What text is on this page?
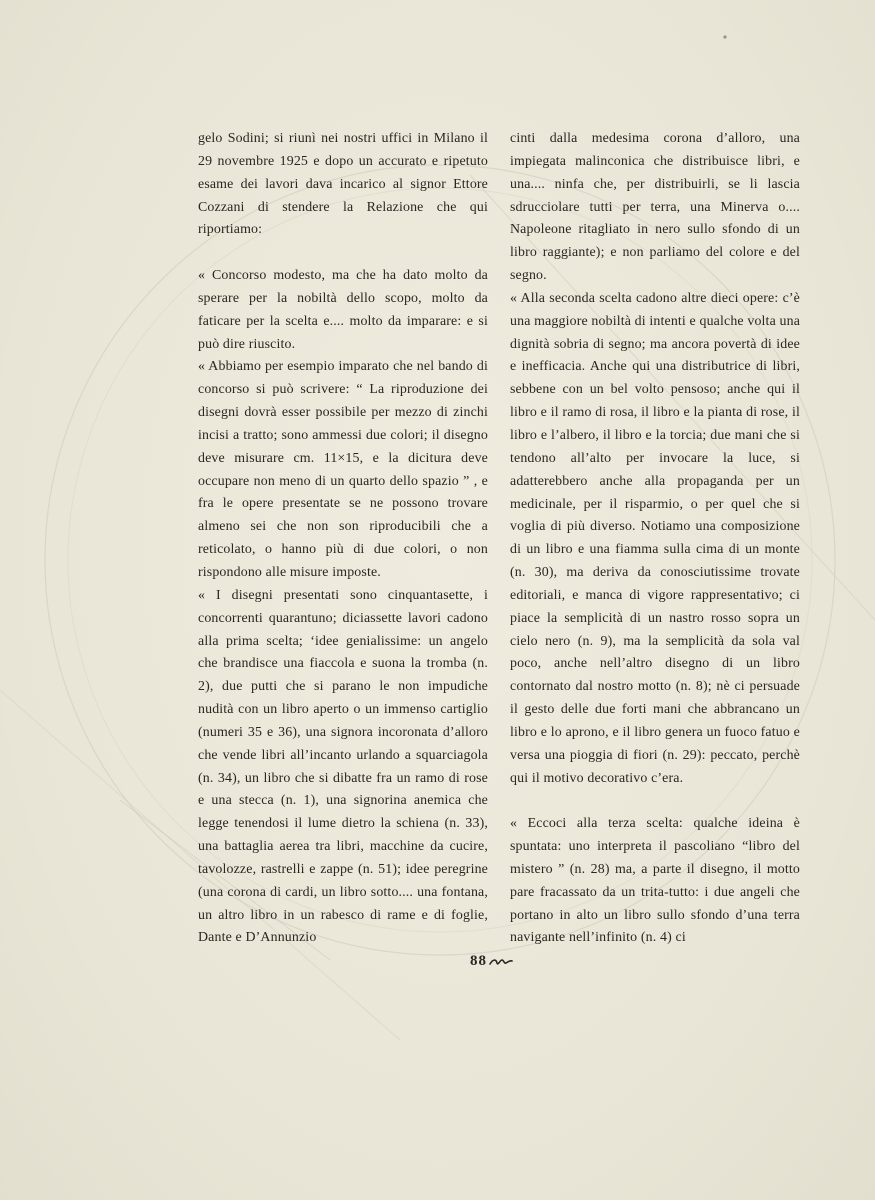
gelo Sodini; si riunì nei nostri uffici in Milano il 29 novembre 1925 e dopo un accurato e ripetuto esame dei lavori dava incarico al signor Ettore Cozzani di stendere la Relazione che qui riportiamo:

« Concorso modesto, ma che ha dato molto da sperare per la nobiltà dello scopo, molto da faticare per la scelta e.... molto da imparare: e si può dire riuscito.

« Abbiamo per esempio imparato che nel bando di concorso si può scrivere: “ La riproduzione dei disegni dovrà esser possibile per mezzo di zinchi incisi a tratto; sono ammessi due colori; il disegno deve misurare cm. 11×15, e la dicitura deve occupare non meno di un quarto dello spazio ” , e fra le opere presentate se ne possono trovare almeno sei che non son riproducibili che a reticolato, o hanno più di due colori, o non rispondono alle misure imposte.

« I disegni presentati sono cinquantasette, i concorrenti quarantuno; diciassette lavori cadono alla prima scelta; ‘idee genialissime: un angelo che brandisce una fiaccola e suona la tromba (n. 2), due putti che si parano le non impudiche nudità con un libro aperto o un immenso cartiglio (numeri 35 e 36), una signora incoronata d’alloro che vende libri all’incanto urlando a squarciagola (n. 34), un libro che si dibatte fra un ramo di rose e una stecca (n. 1), una signorina anemica che legge tenendosi il lume dietro la schiena (n. 33), una battaglia aerea tra libri, macchine da cucire, tavolozze, rastrelli e zappe (n. 51); idee peregrine (una corona di cardi, un libro sotto.... una fontana, un altro libro in un rabesco di rame e di foglie, Dante e D’Annunzio

cinti dalla medesima corona d’alloro, una impiegata malinconica che distribuisce libri, e una.... ninfa che, per distribuirli, se li lascia sdrucciolare tutti per terra, una Minerva o.... Napoleone ritagliato in nero sullo sfondo di un libro raggiante); e non parliamo del colore e del segno.

« Alla seconda scelta cadono altre dieci opere: c’è una maggiore nobiltà di intenti e qualche volta una dignità sobria di segno; ma ancora povertà di idee e inefficacia. Anche qui una distributrice di libri, sebbene con un bel volto pensoso; anche qui il libro e il ramo di rosa, il libro e la pianta di rose, il libro e l’albero, il libro e la torcia; due mani che si tendono all’alto per invocare la luce, si adatterebbero anche alla propaganda per un medicinale, per il risparmio, o per quel che si voglia di più diverso. Notiamo una composizione di un libro e una fiamma sulla cima di un monte (n. 30), ma deriva da conosciutissime trovate editoriali, e manca di vigore rappresentativo; ci piace la semplicità di un nastro rosso sopra un cielo nero (n. 9), ma la semplicità da sola val poco, anche nell’altro disegno di un libro contornato dal nostro motto (n. 8); nè ci persuade il gesto delle due forti mani che abbrancano un libro e lo aprono, e il libro genera un fuoco fatuo e versa una pioggia di fiori (n. 29): peccato, perchè qui il motivo decorativo c’era.

« Eccoci alla terza scelta: qualche ideina è spuntata: uno interpreta il pascoliano “libro del mistero ” (n. 28) ma, a parte il disegno, il motto pare fracassato da un trita-tutto: i due angeli che portano in alto un libro sullo sfondo d’una terra navigante nell’infinito (n. 4) ci

88
